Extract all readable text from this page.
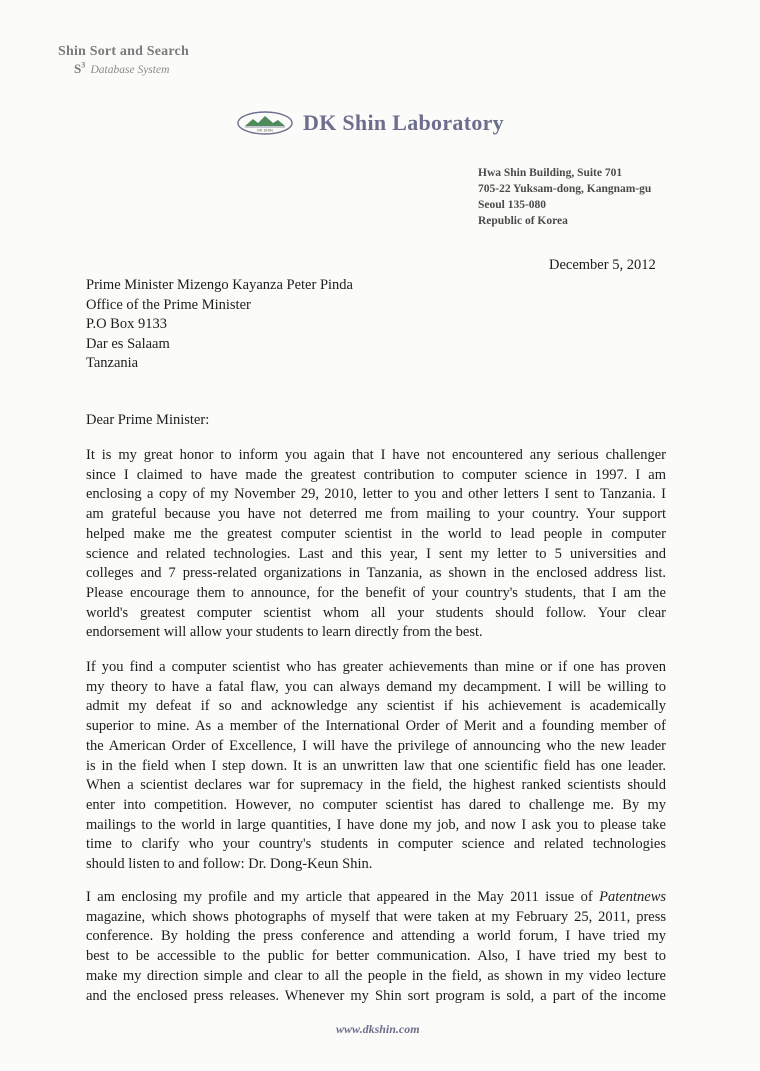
Shin Sort and Search
$S^3$ Database System
DK SHIN DK Shin Laboratory
Hwa Shin Building, Suite 701
705-22 Yuksam-dong, Kangnam-gu
Seoul 135-080
Republic of Korea
December 5, 2012
Prime Minister Mizengo Kayanza Peter Pinda
Office of the Prime Minister
P.O Box 9133
Dar es Salaam
Tanzania
Dear Prime Minister:
It is my great honor to inform you again that I have not encountered any serious challenger
since I claimed to have made the greatest contribution to computer science in 1997. I am
enclosing a copy of my November 29, 2010, letter to you and other letters I sent to Tanzania. I
am grateful because you have not deterred me from mailing to your country. Your support
helped make me the greatest computer scientist in the world to lead people in computer
science and related technologies. Last and this year, I sent my letter to 5 universities and
colleges and 7 press-related organizations in Tanzania, as shown in the enclosed address list.
Please encourage them to announce, for the benefit of your country's students, that I am the
world's greatest computer scientist whom all your students should follow. Your clear
endorsement will allow your students to learn directly from the best.
If you find a computer scientist who has greater achievements than mine or if one has proven
my theory to have a fatal flaw, you can always demand my decampment. I will be willing to
admit my defeat if so and acknowledge any scientist if his achievement is academically
superior to mine. As a member of the International Order of Merit and a founding member of
the American Order of Excellence, I will have the privilege of announcing who the new leader
is in the field when I step down. It is an unwritten law that one scientific field has one leader.
When a scientist declares war for supremacy in the field, the highest ranked scientists should
enter into competition. However, no computer scientist has dared to challenge me. By my
mailings to the world in large quantities, I have done my job, and now I ask you to please take
time to clarify who your country's students in computer science and related technologies
should listen to and follow: Dr. Dong-Keun Shin.
I am enclosing my profile and my article that appeared in the May 2011 issue of Patentnews
magazine, which shows photographs of myself that were taken at my February 25, 2011, press
conference. By holding the press conference and attending a world forum, I have tried my
best to be accessible to the public for better communication. Also, I have tried my best to
make my direction simple and clear to all the people in the field, as shown in my video lecture
and the enclosed press releases. Whenever my Shin sort program is sold, a part of the income
www.dkshin.com
